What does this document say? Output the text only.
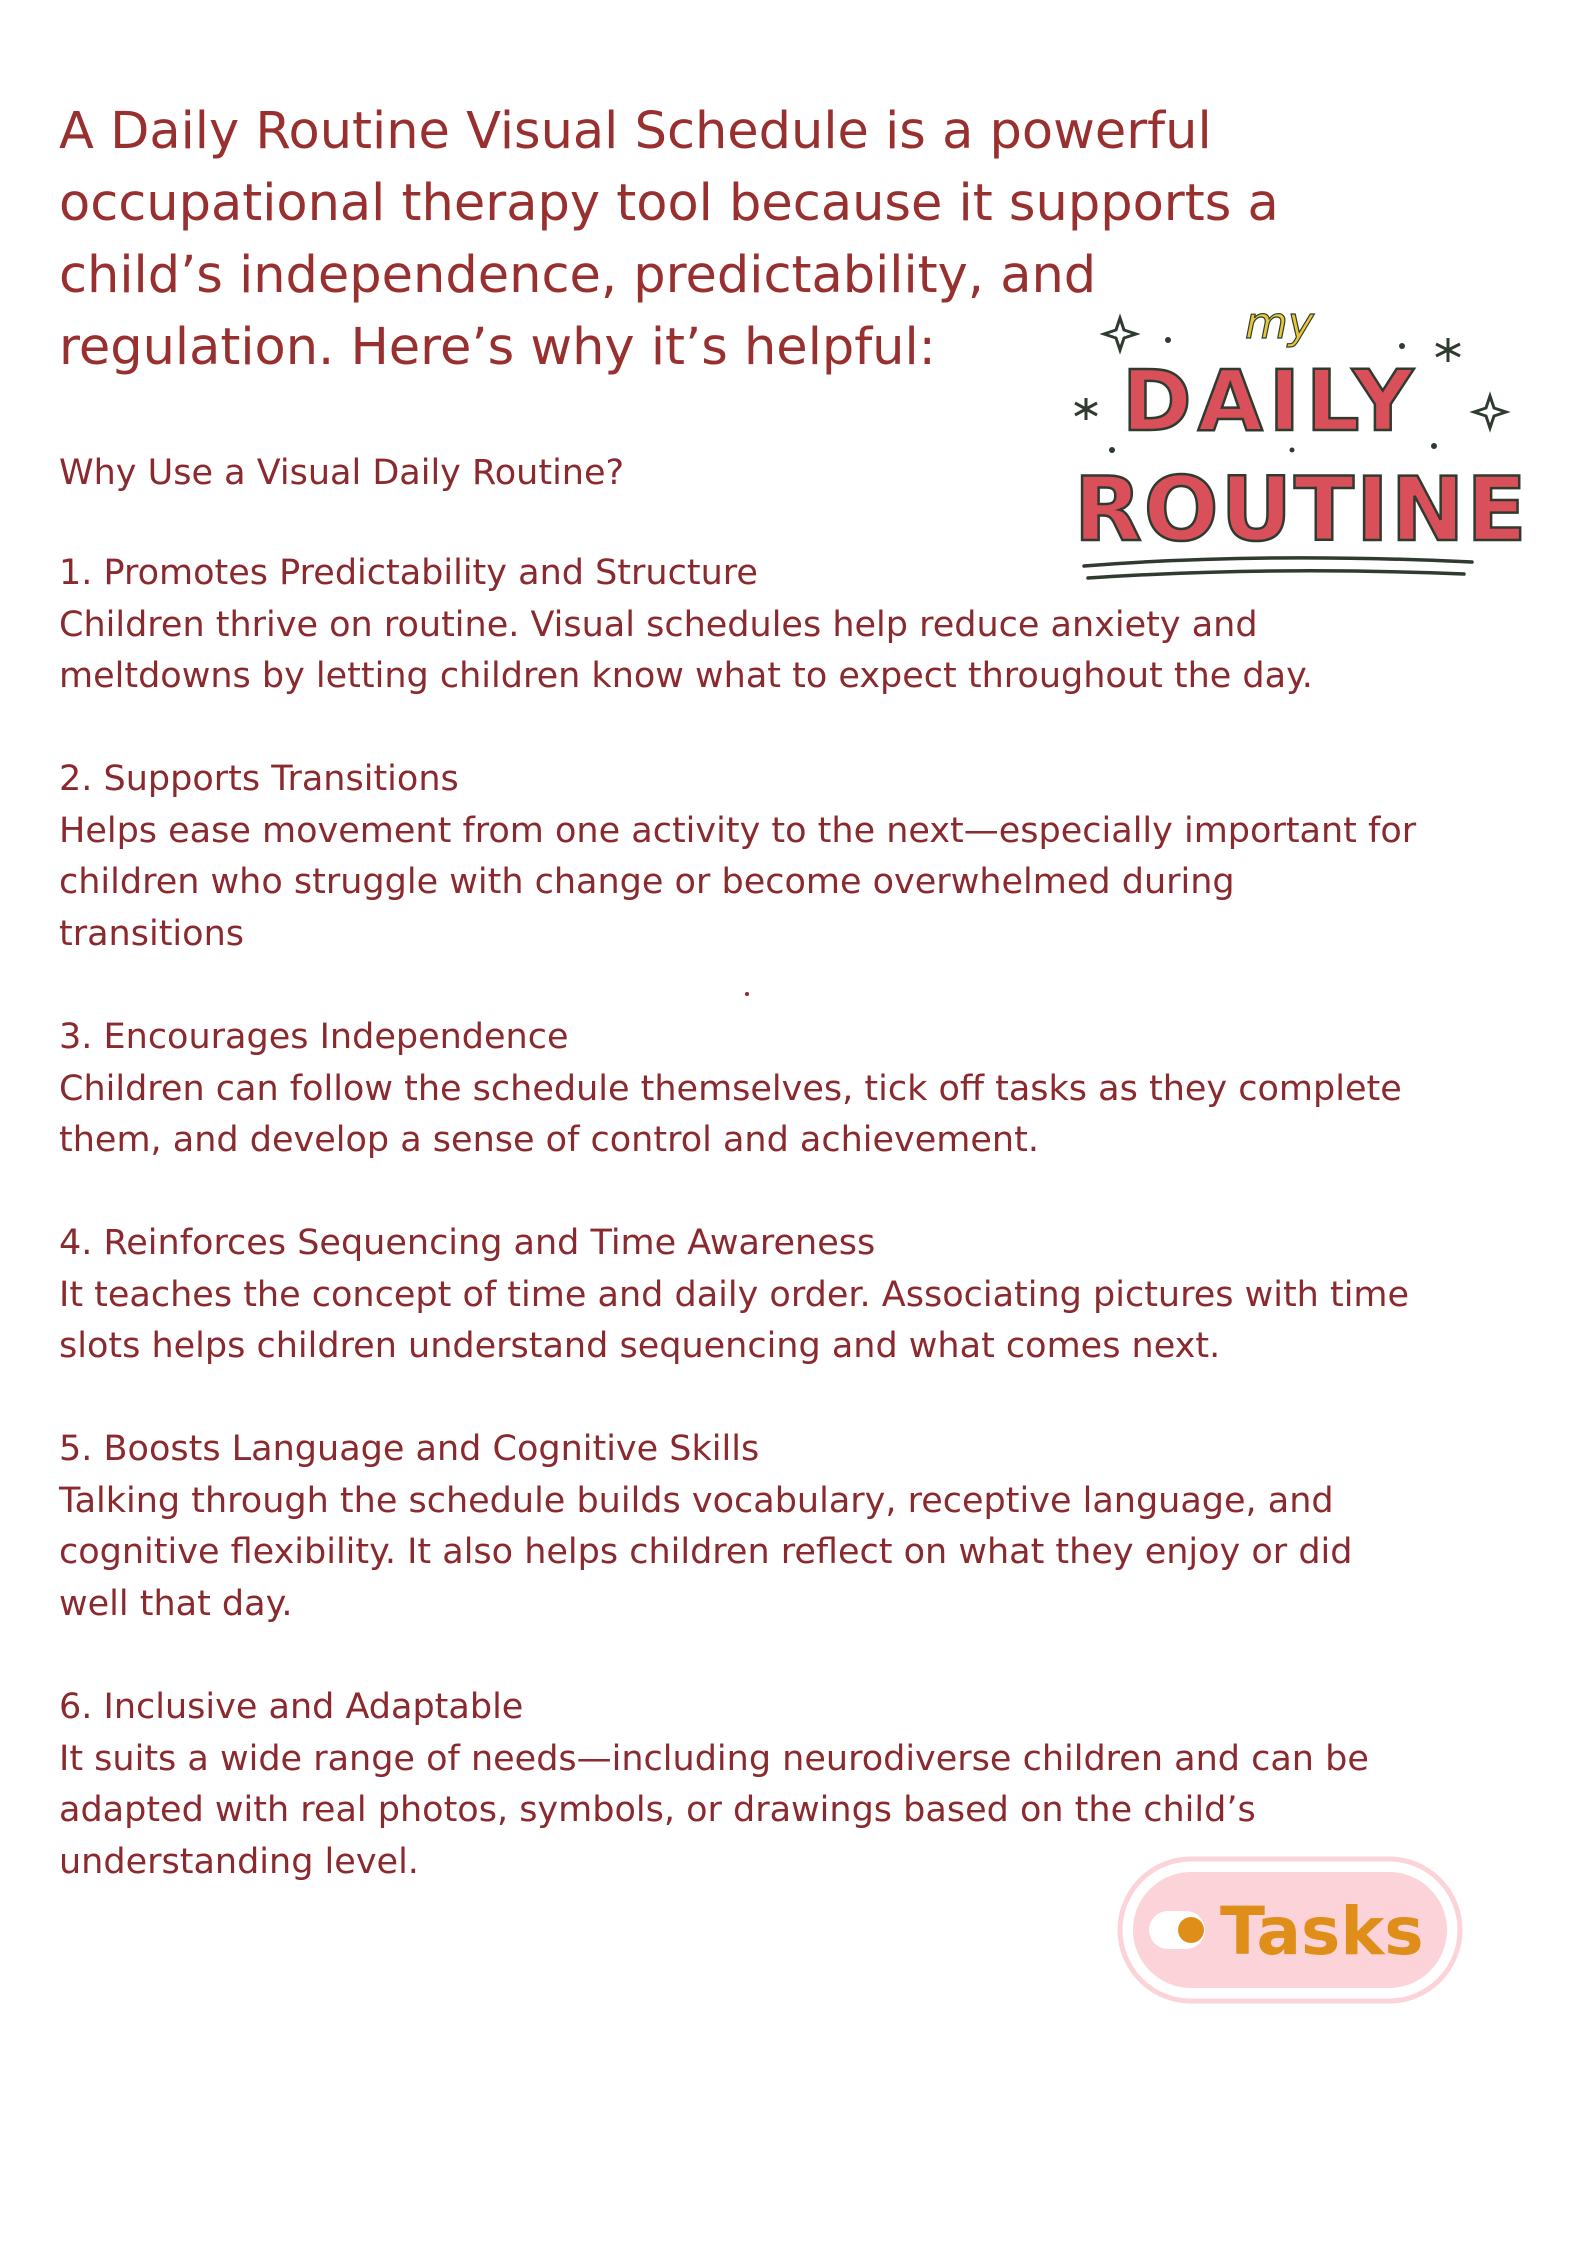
A Daily Routine Visual Schedule is a powerful
occupational therapy tool because it supports a
child’s independence, predictability, and
regulation. Here’s why it’s helpful:
Why Use a Visual Daily Routine?
1. Promotes Predictability and Structure
Children thrive on routine. Visual schedules help reduce anxiety and
meltdowns by letting children know what to expect throughout the day.
2. Supports Transitions
Helps ease movement from one activity to the next—especially important for
children who struggle with change or become overwhelmed during
transitions
3. Encourages Independence
Children can follow the schedule themselves, tick off tasks as they complete
them, and develop a sense of control and achievement.
4. Reinforces Sequencing and Time Awareness
It teaches the concept of time and daily order. Associating pictures with time
slots helps children understand sequencing and what comes next.
5. Boosts Language and Cognitive Skills
Talking through the schedule builds vocabulary, receptive language, and
cognitive flexibility. It also helps children reflect on what they enjoy or did
well that day.
6. Inclusive and Adaptable
It suits a wide range of needs—including neurodiverse children and can be
adapted with real photos, symbols, or drawings based on the child’s
understanding level.
my
DAILY
ROUTINE
Tasks
